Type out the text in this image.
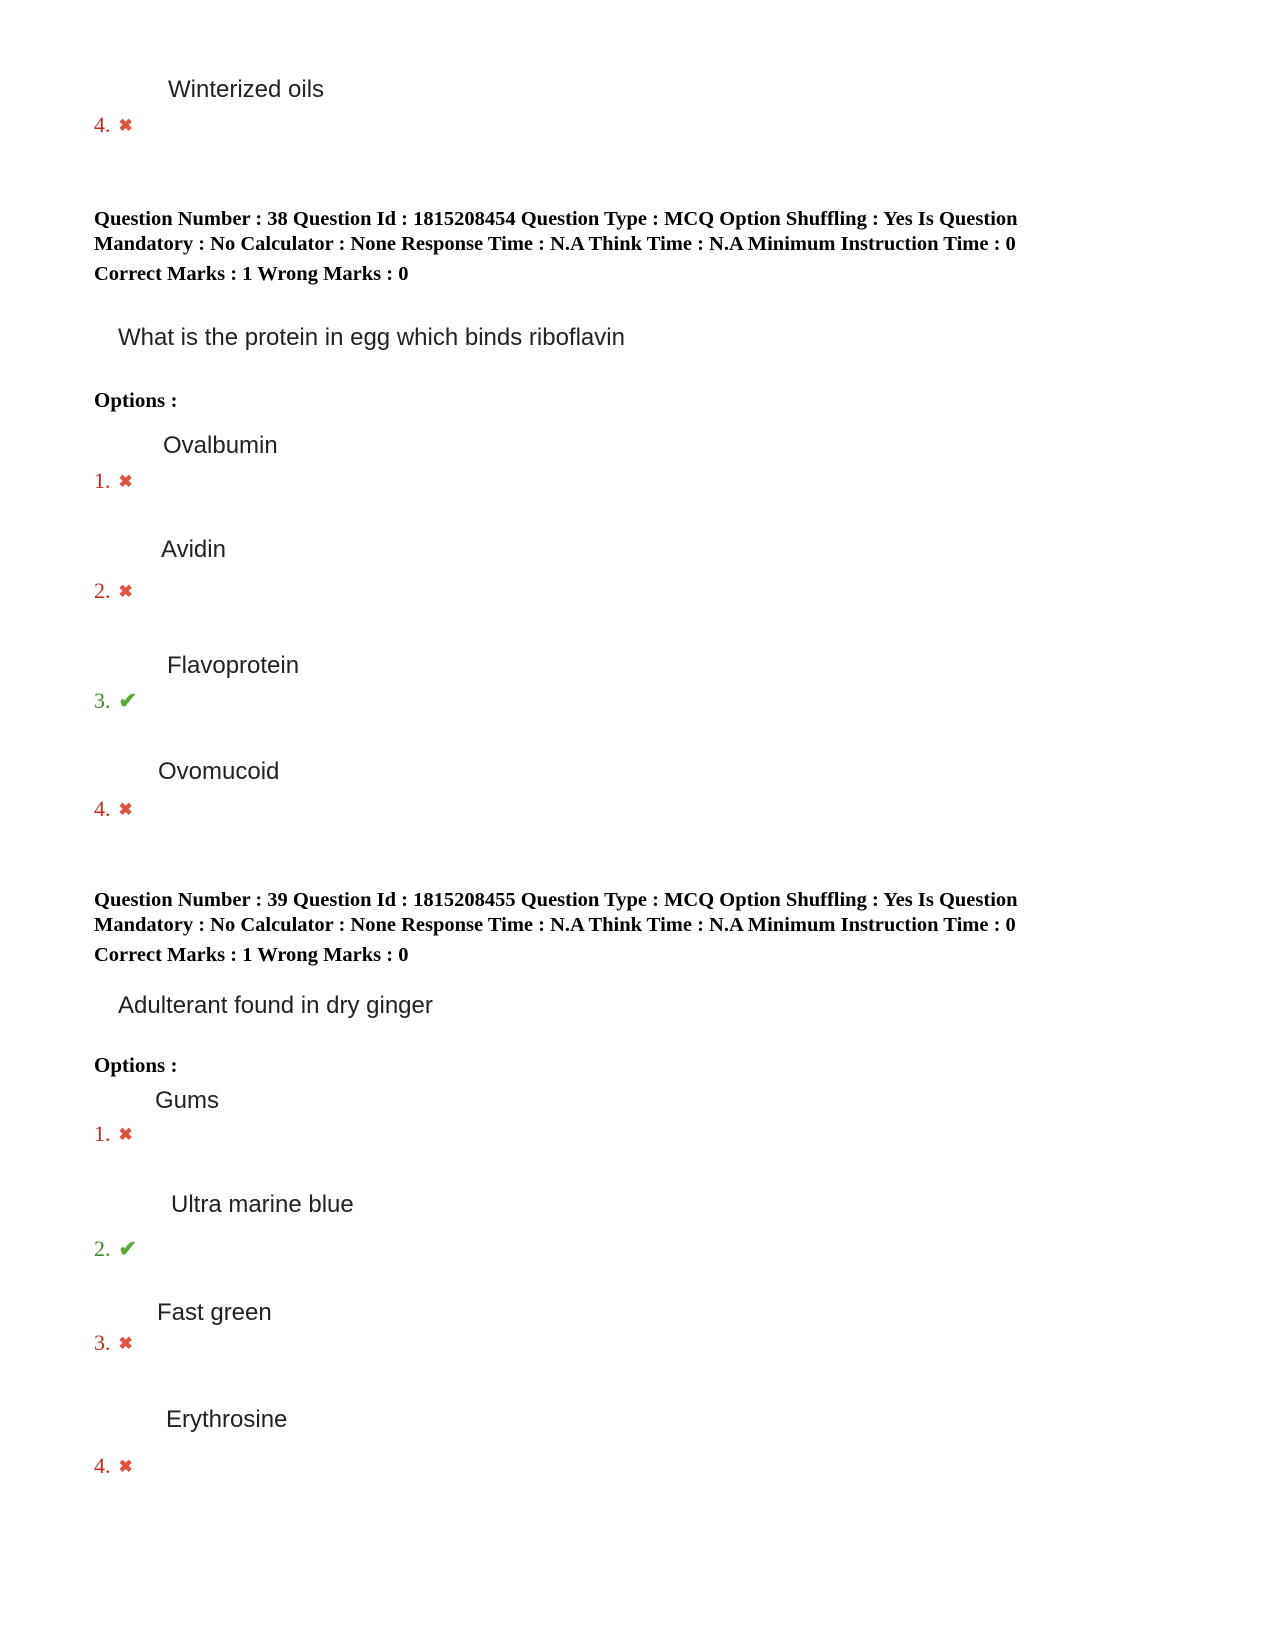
Winterized oils
4. ✖
Question Number : 38 Question Id : 1815208454 Question Type : MCQ Option Shuffling : Yes Is Question
Mandatory : No Calculator : None Response Time : N.A Think Time : N.A Minimum Instruction Time : 0
Correct Marks : 1 Wrong Marks : 0
What is the protein in egg which binds riboflavin
Options :
Ovalbumin
1. ✖
Avidin
2. ✖
Flavoprotein
3. ✔
Ovomucoid
4. ✖
Question Number : 39 Question Id : 1815208455 Question Type : MCQ Option Shuffling : Yes Is Question
Mandatory : No Calculator : None Response Time : N.A Think Time : N.A Minimum Instruction Time : 0
Correct Marks : 1 Wrong Marks : 0
Adulterant found in dry ginger
Options :
Gums
1. ✖
Ultra marine blue
2. ✔
Fast green
3. ✖
Erythrosine
4. ✖
